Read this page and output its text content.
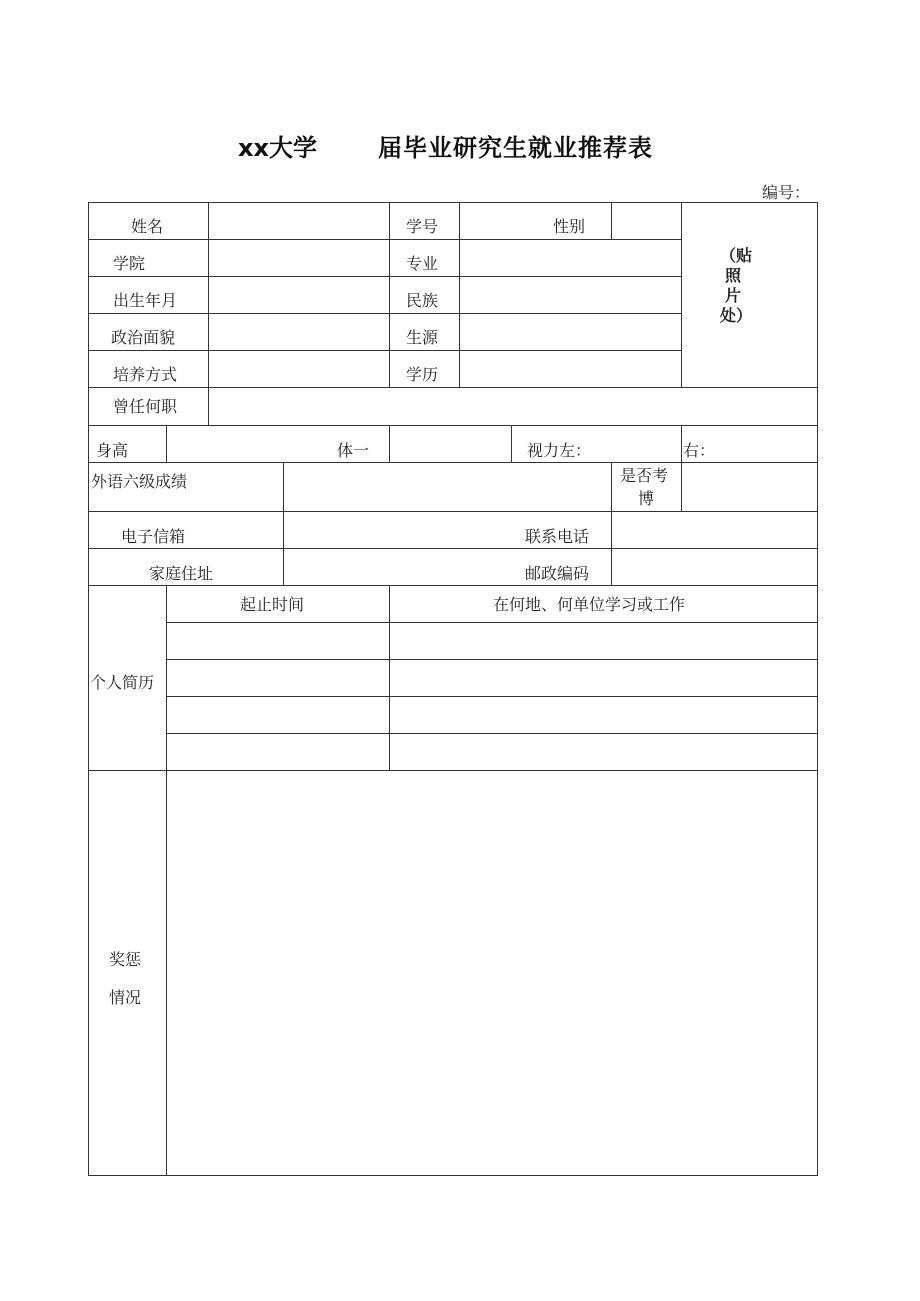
xx大学	届毕业研究生就业推荐表
编号：
姓名	学号	性别
学院	专业
出生年月	民族
政治面貌	生源
培养方式	学历
（贴照片处）
曾任何职
身高	体一	视力左：	右：
外语六级成绩	是否考
博
电子信箱	联系电话
家庭住址	邮政编码
起止时间	在何地、何单位学习或工作
个人简历
奖惩
情况
